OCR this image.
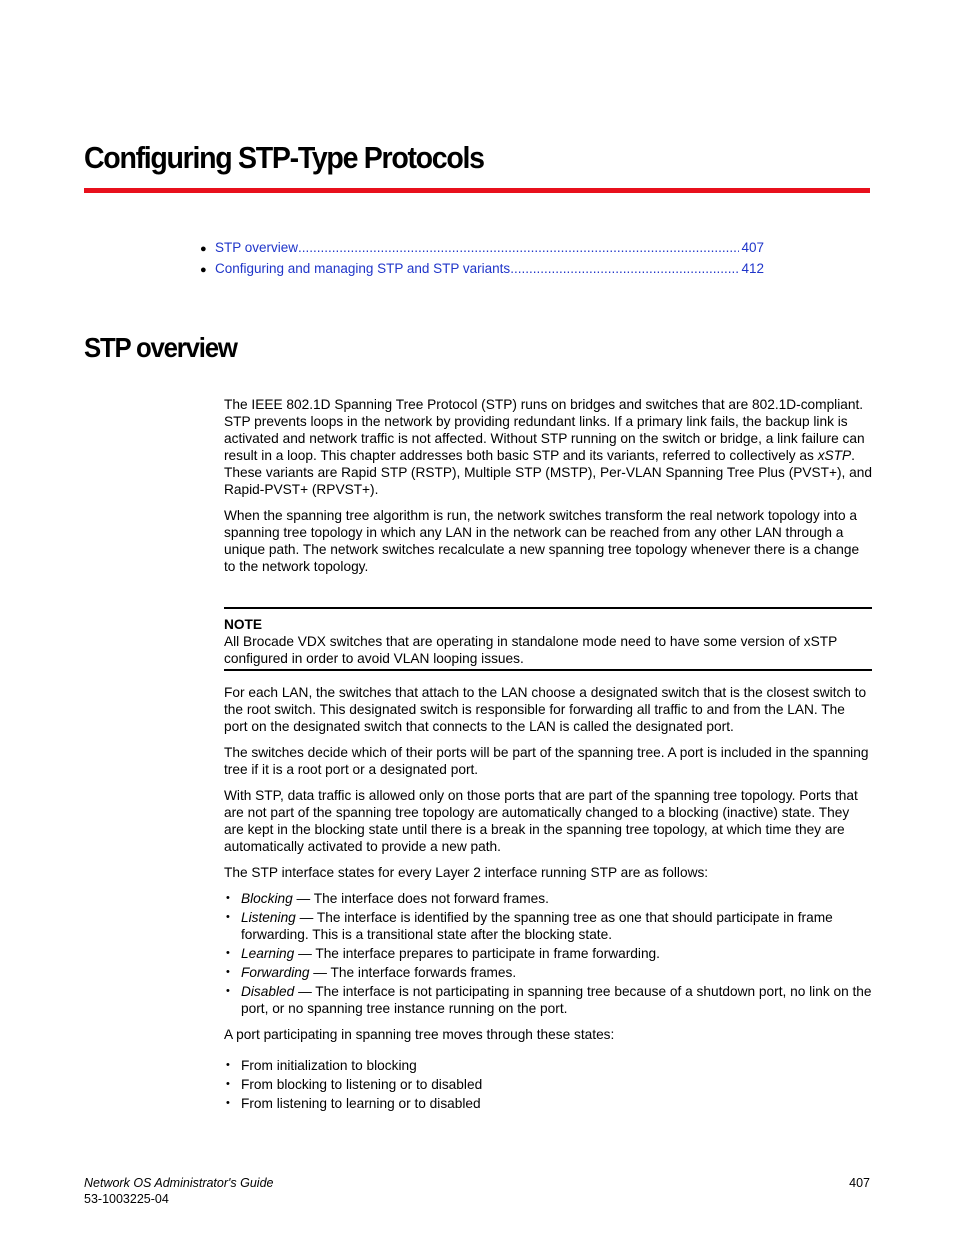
Configuring STP-Type Protocols
● STP overview .....	407
● Configuring and managing STP and STP variants .....	412
STP overview

The IEEE 802.1D Spanning Tree Protocol (STP) runs on bridges and switches that are 802.1D-compliant. STP prevents loops in the network by providing redundant links. If a primary link fails, the backup link is activated and network traffic is not affected. Without STP running on the switch or bridge, a link failure can result in a loop. This chapter addresses both basic STP and its variants, referred to collectively as xSTP. These variants are Rapid STP (RSTP), Multiple STP (MSTP), Per-VLAN Spanning Tree Plus (PVST+), and Rapid-PVST+ (RPVST+).

When the spanning tree algorithm is run, the network switches transform the real network topology into a spanning tree topology in which any LAN in the network can be reached from any other LAN through a unique path. The network switches recalculate a new spanning tree topology whenever there is a change to the network topology.

NOTE

All Brocade VDX switches that are operating in standalone mode need to have some version of xSTP configured in order to avoid VLAN looping issues.

For each LAN, the switches that attach to the LAN choose a designated switch that is the closest switch to the root switch. This designated switch is responsible for forwarding all traffic to and from the LAN. The port on the designated switch that connects to the LAN is called the designated port.

The switches decide which of their ports will be part of the spanning tree. A port is included in the spanning tree if it is a root port or a designated port.

With STP, data traffic is allowed only on those ports that are part of the spanning tree topology. Ports that are not part of the spanning tree topology are automatically changed to a blocking (inactive) state. They are kept in the blocking state until there is a break in the spanning tree topology, at which time they are automatically activated to provide a new path.

The STP interface states for every Layer 2 interface running STP are as follows:

• Blocking — The interface does not forward frames.
• Listening — The interface is identified by the spanning tree as one that should participate in frame forwarding. This is a transitional state after the blocking state.
• Learning — The interface prepares to participate in frame forwarding.
• Forwarding — The interface forwards frames.
• Disabled — The interface is not participating in spanning tree because of a shutdown port, no link on the port, or no spanning tree instance running on the port.

A port participating in spanning tree moves through these states:

• From initialization to blocking
• From blocking to listening or to disabled
• From listening to learning or to disabled
Network OS Administrator's Guide
53-1003225-04
407
